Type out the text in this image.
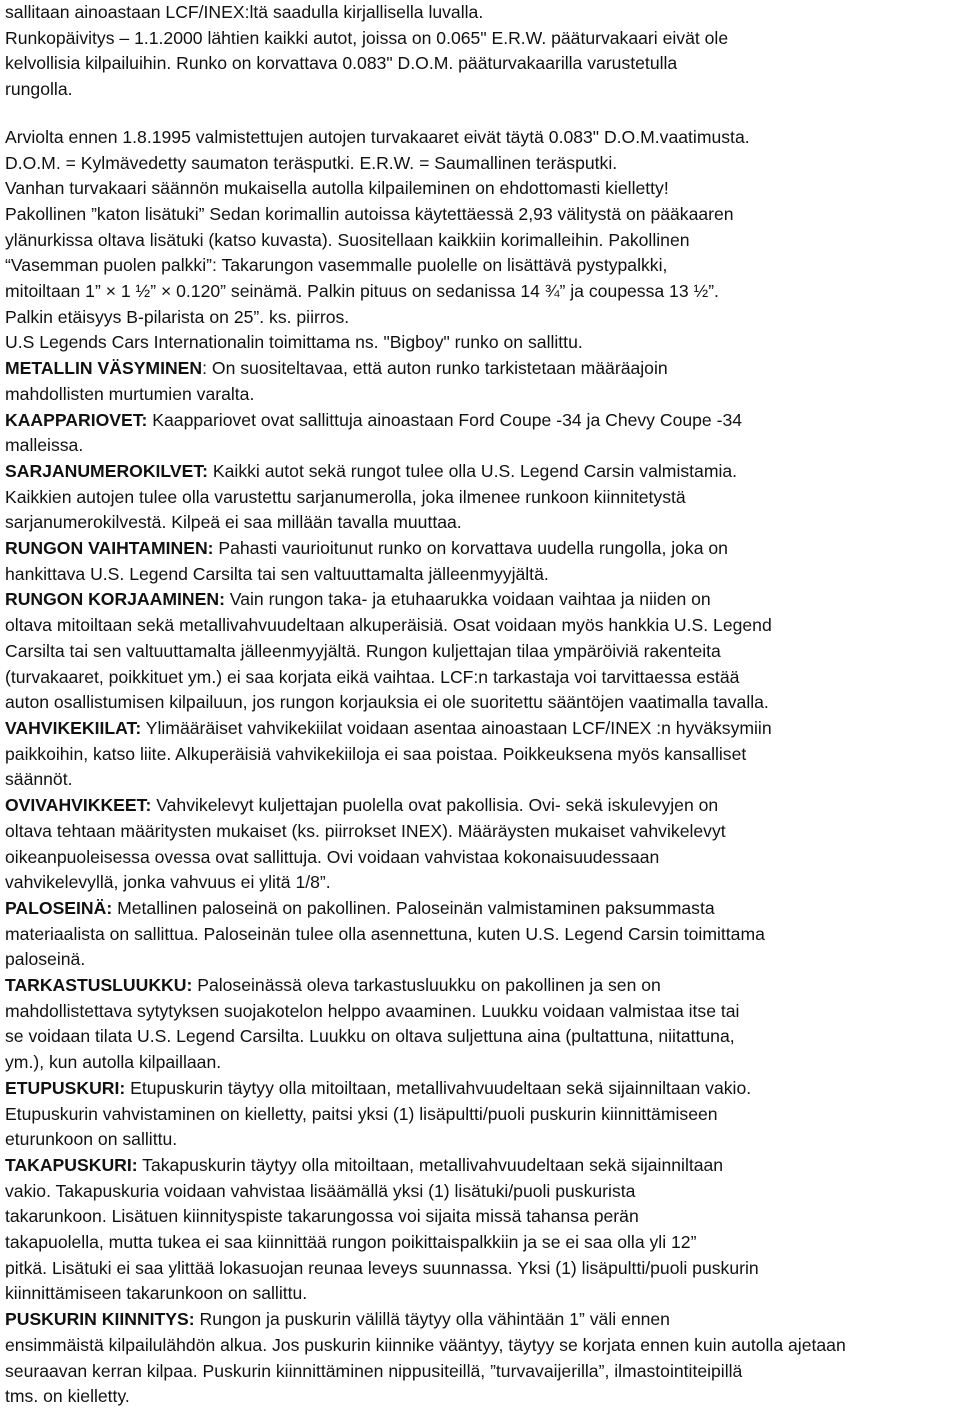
sallitaan ainoastaan LCF/INEX:ltä saadulla kirjallisella luvalla.
Runkopäivitys – 1.1.2000 lähtien kaikki autot, joissa on 0.065" E.R.W. pääturvakaari eivät ole
kelvollisia kilpailuihin. Runko on korvattava 0.083" D.O.M. pääturvakaarilla varustetulla
rungolla.
Arviolta ennen 1.8.1995 valmistettujen autojen turvakaaret eivät täytä 0.083" D.O.M.vaatimusta.
D.O.M. = Kylmävedetty saumaton teräsputki. E.R.W. = Saumallinen teräsputki.
Vanhan turvakaari säännön mukaisella autolla kilpaileminen on ehdottomasti kielletty!
Pakollinen ”katon lisätuki” Sedan korimallin autoissa käytettäessä 2,93 välitystä on pääkaaren
ylänurkissa oltava lisätuki (katso kuvasta). Suositellaan kaikkiin korimalleihin. Pakollinen
“Vasemman puolen palkki”: Takarungon vasemmalle puolelle on lisättävä pystypalkki,
mitoiltaan 1” × 1 ½” × 0.120” seinämä. Palkin pituus on sedanissa 14 ¾” ja coupessa 13 ½”.
Palkin etäisyys B-pilarista on 25”. ks. piirros.
U.S Legends Cars Internationalin toimittama ns. "Bigboy" runko on sallittu.
METALLIN VÄSYMINEN: On suositeltavaa, että auton runko tarkistetaan määräajoin
mahdollisten murtumien varalta.
KAAPPARIOVET: Kaappariovet ovat sallittuja ainoastaan Ford Coupe -34 ja Chevy Coupe -34
malleissa.
SARJANUMEROKILVET: Kaikki autot sekä rungot tulee olla U.S. Legend Carsin valmistamia.
Kaikkien autojen tulee olla varustettu sarjanumerolla, joka ilmenee runkoon kiinnitetystä
sarjanumerokilvestä. Kilpeä ei saa millään tavalla muuttaa.
RUNGON VAIHTAMINEN: Pahasti vaurioitunut runko on korvattava uudella rungolla, joka on
hankittava U.S. Legend Carsilta tai sen valtuuttamalta jälleenmyyjältä.
RUNGON KORJAAMINEN: Vain rungon taka- ja etuhaarukka voidaan vaihtaa ja niiden on
oltava mitoiltaan sekä metallivahvuudeltaan alkuperäisiä. Osat voidaan myös hankkia U.S. Legend
Carsilta tai sen valtuuttamalta jälleenmyyjältä. Rungon kuljettajan tilaa ympäröiviä rakenteita
(turvakaaret, poikkituet ym.) ei saa korjata eikä vaihtaa. LCF:n tarkastaja voi tarvittaessa estää
auton osallistumisen kilpailuun, jos rungon korjauksia ei ole suoritettu sääntöjen vaatimalla tavalla.
VAHVIKEKIILAT: Ylimääräiset vahvikekiilat voidaan asentaa ainoastaan LCF/INEX :n hyväksymiin
paikkoihin, katso liite. Alkuperäisiä vahvikekiiloja ei saa poistaa. Poikkeuksena myös kansalliset
säännöt.
OVIVAHVIKKEET: Vahvikelevyt kuljettajan puolella ovat pakollisia. Ovi- sekä iskulevyjen on
oltava tehtaan määritysten mukaiset (ks. piirrokset INEX). Määräysten mukaiset vahvikelevyt
oikeanpuoleisessa ovessa ovat sallittuja. Ovi voidaan vahvistaa kokonaisuudessaan
vahvikelevyllä, jonka vahvuus ei ylitä 1/8”.
PALOSEINÄ: Metallinen paloseinä on pakollinen. Paloseinän valmistaminen paksummasta
materiaalista on sallittua. Paloseinän tulee olla asennettuna, kuten U.S. Legend Carsin toimittama
paloseinä.
TARKASTUSLUUKKU: Paloseinässä oleva tarkastusluukku on pakollinen ja sen on
mahdollistettava sytytyksen suojakotelon helppo avaaminen. Luukku voidaan valmistaa itse tai
se voidaan tilata U.S. Legend Carsilta. Luukku on oltava suljettuna aina (pultattuna, niitattuna,
ym.), kun autolla kilpaillaan.
ETUPUSKURI: Etupuskurin täytyy olla mitoiltaan, metallivahvuudeltaan sekä sijainniltaan vakio.
Etupuskurin vahvistaminen on kielletty, paitsi yksi (1) lisäpultti/puoli puskurin kiinnittämiseen
eturunkoon on sallittu.
TAKAPUSKURI: Takapuskurin täytyy olla mitoiltaan, metallivahvuudeltaan sekä sijainniltaan
vakio. Takapuskuria voidaan vahvistaa lisäämällä yksi (1) lisätuki/puoli puskurista
takarunkoon. Lisätuen kiinnityspiste takarungossa voi sijaita missä tahansa perän
takapuolella, mutta tukea ei saa kiinnittää rungon poikittaispalkkiin ja se ei saa olla yli 12”
pitkä. Lisätuki ei saa ylittää lokasuojan reunaa leveys suunnassa. Yksi (1) lisäpultti/puoli puskurin
kiinnittämiseen takarunkoon on sallittu.
PUSKURIN KIINNITYS: Rungon ja puskurin välillä täytyy olla vähintään 1” väli ennen
ensimmäistä kilpailulähdön alkua. Jos puskurin kiinnike vääntyy, täytyy se korjata ennen kuin autolla ajetaan
seuraavan kerran kilpaa. Puskurin kiinnittäminen nippusiteillä, ”turvavaijerilla”, ilmastointiteipillä
tms. on kielletty.
